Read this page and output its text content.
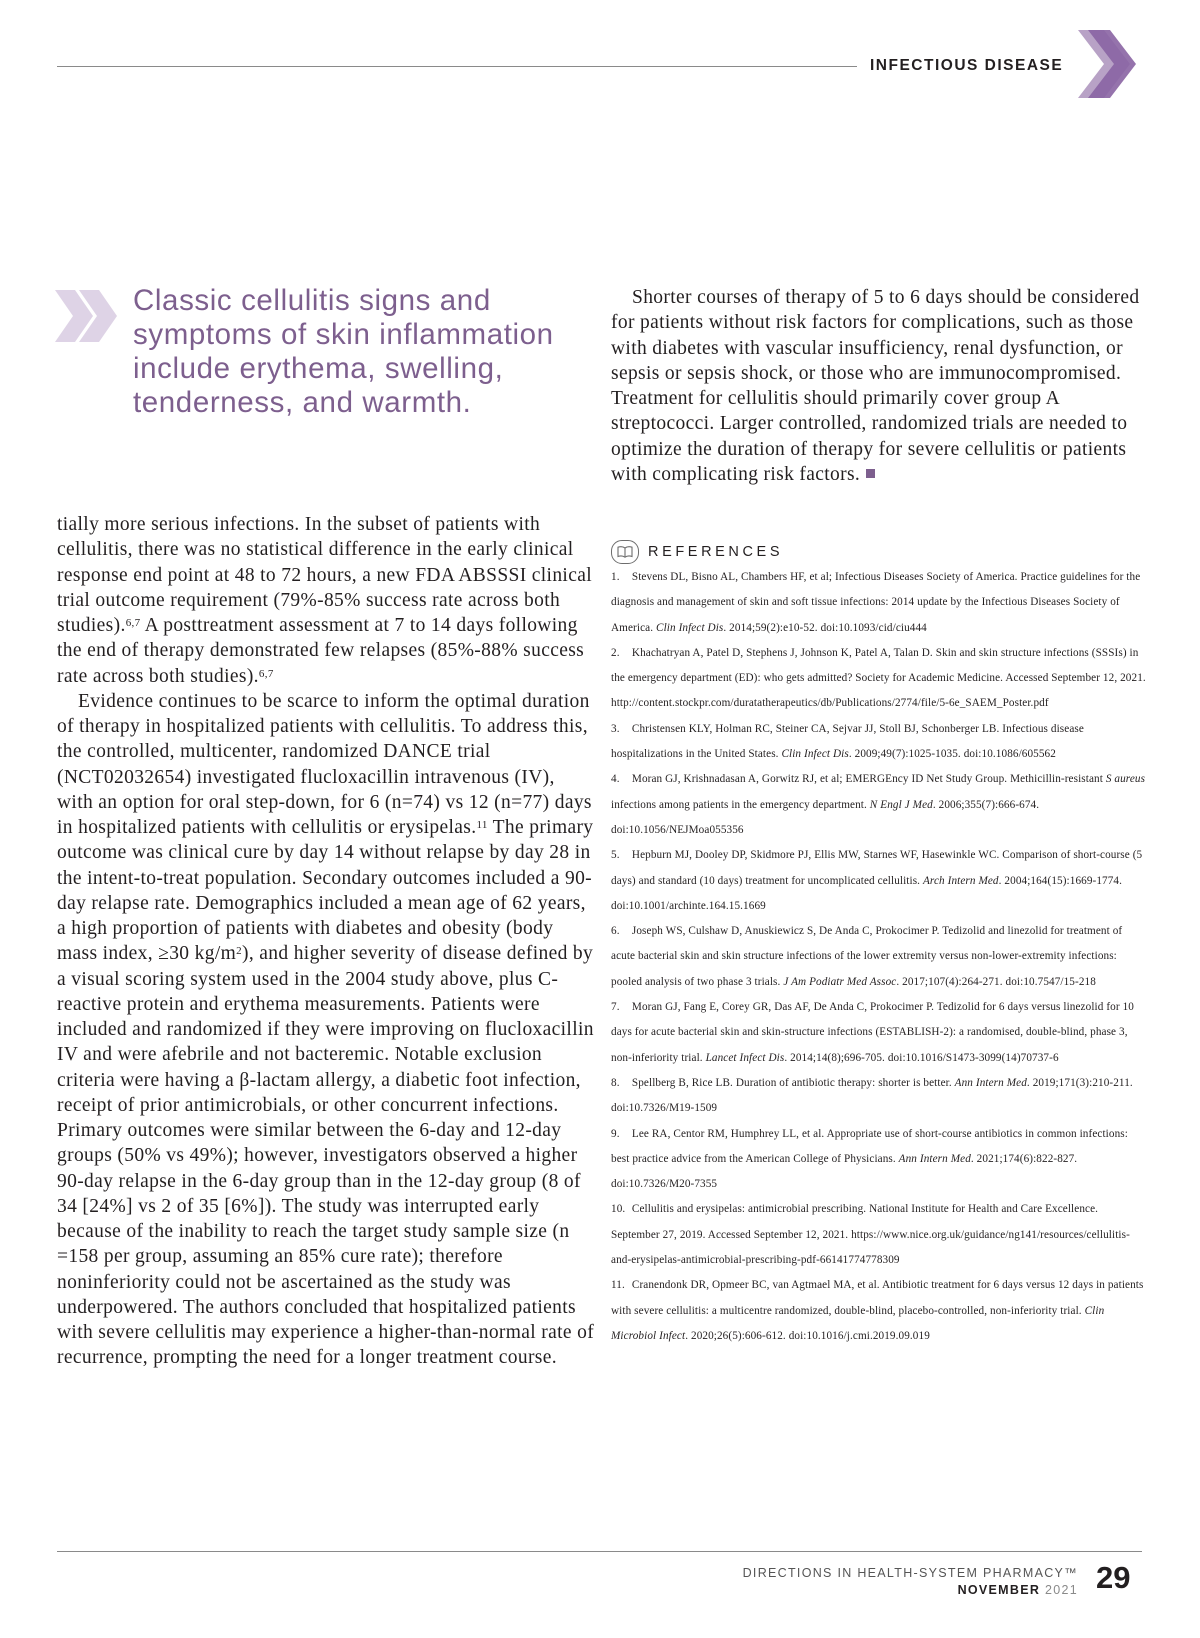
INFECTIOUS DISEASE

Classic cellulitis signs and symptoms of skin inflammation include erythema, swelling, tenderness, and warmth.

tially more serious infections. In the subset of patients with cellulitis, there was no statistical difference in the early clinical response end point at 48 to 72 hours, a new FDA ABSSSI clinical trial outcome requirement (79%-85% success rate across both studies).$^{6,7}$ A posttreatment assessment at 7 to 14 days following the end of therapy demonstrated few relapses (85%-88% success rate across both studies).$^{6,7}$

Evidence continues to be scarce to inform the optimal duration of therapy in hospitalized patients with cellulitis. To address this, the controlled, multicenter, randomized DANCE trial (NCT02032654) investigated flucloxacillin intravenous (IV), with an option for oral step-down, for 6 (n=74) vs 12 (n=77) days in hospitalized patients with cellulitis or erysipelas.$^{11}$ The primary outcome was clinical cure by day 14 without relapse by day 28 in the intent-to-treat population. Secondary outcomes included a 90-day relapse rate. Demographics included a mean age of 62 years, a high proportion of patients with diabetes and obesity (body mass index, ≥30 kg/m$^2$), and higher severity of disease defined by a visual scoring system used in the 2004 study above, plus C-reactive protein and erythema measurements. Patients were included and randomized if they were improving on flucloxacillin IV and were afebrile and not bacteremic. Notable exclusion criteria were having a β-lactam allergy, a diabetic foot infection, receipt of prior antimicrobials, or other concurrent infections. Primary outcomes were similar between the 6-day and 12-day groups (50% vs 49%); however, investigators observed a higher 90-day relapse in the 6-day group than in the 12-day group (8 of 34 [24%] vs 2 of 35 [6%]). The study was interrupted early because of the inability to reach the target study sample size (n =158 per group, assuming an 85% cure rate); therefore noninferiority could not be ascertained as the study was underpowered. The authors concluded that hospitalized patients with severe cellulitis may experience a higher-than-normal rate of recurrence, prompting the need for a longer treatment course.

Shorter courses of therapy of 5 to 6 days should be considered for patients without risk factors for complications, such as those with diabetes with vascular insufficiency, renal dysfunction, or sepsis or sepsis shock, or those who are immunocompromised. Treatment for cellulitis should primarily cover group A streptococci. Larger controlled, randomized trials are needed to optimize the duration of therapy for severe cellulitis or patients with complicating risk factors.

REFERENCES
1. Stevens DL, Bisno AL, Chambers HF, et al; Infectious Diseases Society of America. Practice guidelines for the diagnosis and management of skin and soft tissue infections: 2014 update by the Infectious Diseases Society of America. Clin Infect Dis. 2014;59(2):e10-52. doi:10.1093/cid/ciu444
2. Khachatryan A, Patel D, Stephens J, Johnson K, Patel A, Talan D. Skin and skin structure infections (SSSIs) in the emergency department (ED): who gets admitted? Society for Academic Medicine. Accessed September 12, 2021. http://content.stockpr.com/duratatherapeutics/db/Publications/2774/file/5-6e_SAEM_Poster.pdf
3. Christensen KLY, Holman RC, Steiner CA, Sejvar JJ, Stoll BJ, Schonberger LB. Infectious disease hospitalizations in the United States. Clin Infect Dis. 2009;49(7):1025-1035. doi:10.1086/605562
4. Moran GJ, Krishnadasan A, Gorwitz RJ, et al; EMERGEncy ID Net Study Group. Methicillin-resistant S aureus infections among patients in the emergency department. N Engl J Med. 2006;355(7):666-674. doi:10.1056/NEJMoa055356
5. Hepburn MJ, Dooley DP, Skidmore PJ, Ellis MW, Starnes WF, Hasewinkle WC. Comparison of short-course (5 days) and standard (10 days) treatment for uncomplicated cellulitis. Arch Intern Med. 2004;164(15):1669-1774. doi:10.1001/archinte.164.15.1669
6. Joseph WS, Culshaw D, Anuskiewicz S, De Anda C, Prokocimer P. Tedizolid and linezolid for treatment of acute bacterial skin and skin structure infections of the lower extremity versus non-lower-extremity infections: pooled analysis of two phase 3 trials. J Am Podiatr Med Assoc. 2017;107(4):264-271. doi:10.7547/15-218
7. Moran GJ, Fang E, Corey GR, Das AF, De Anda C, Prokocimer P. Tedizolid for 6 days versus linezolid for 10 days for acute bacterial skin and skin-structure infections (ESTABLISH-2): a randomised, double-blind, phase 3, non-inferiority trial. Lancet Infect Dis. 2014;14(8);696-705. doi:10.1016/S1473-3099(14)70737-6
8. Spellberg B, Rice LB. Duration of antibiotic therapy: shorter is better. Ann Intern Med. 2019;171(3):210-211. doi:10.7326/M19-1509
9. Lee RA, Centor RM, Humphrey LL, et al. Appropriate use of short-course antibiotics in common infections: best practice advice from the American College of Physicians. Ann Intern Med. 2021;174(6):822-827. doi:10.7326/M20-7355
10. Cellulitis and erysipelas: antimicrobial prescribing. National Institute for Health and Care Excellence. September 27, 2019. Accessed September 12, 2021. https://www.nice.org.uk/guidance/ng141/resources/cellulitis-and-erysipelas-antimicrobial-prescribing-pdf-66141774778309
11. Cranendonk DR, Opmeer BC, van Agtmael MA, et al. Antibiotic treatment for 6 days versus 12 days in patients with severe cellulitis: a multicentre randomized, double-blind, placebo-controlled, non-inferiority trial. Clin Microbiol Infect. 2020;26(5):606-612. doi:10.1016/j.cmi.2019.09.019
DIRECTIONS IN HEALTH-SYSTEM PHARMACY™
NOVEMBER 2021 29
